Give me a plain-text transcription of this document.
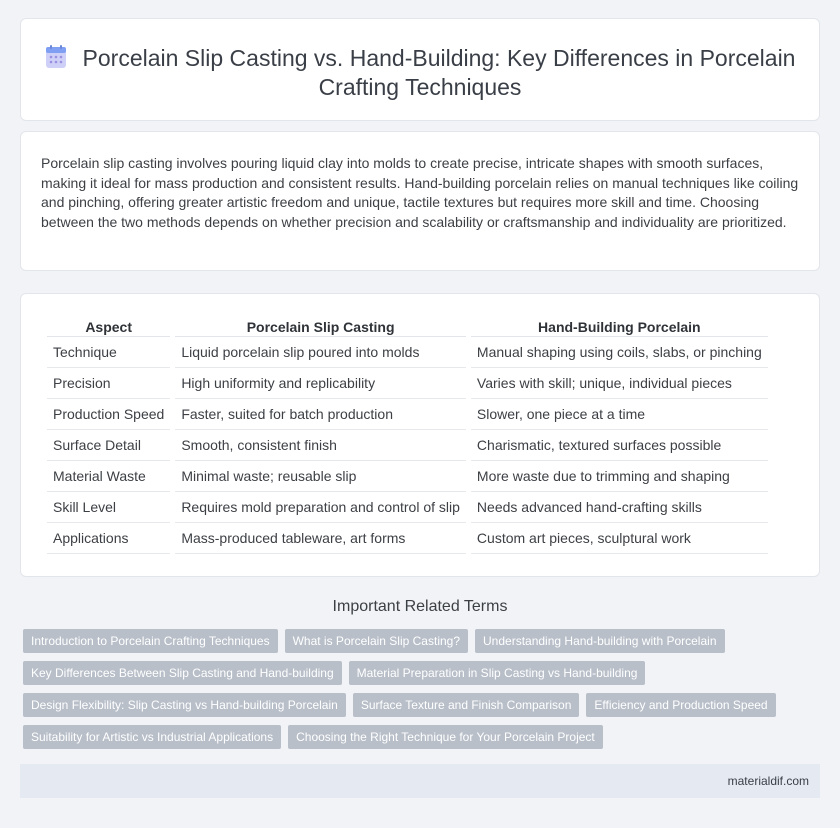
Porcelain Slip Casting vs. Hand-Building: Key Differences in Porcelain Crafting Techniques

Porcelain slip casting involves pouring liquid clay into molds to create precise, intricate shapes with smooth surfaces, making it ideal for mass production and consistent results. Hand-building porcelain relies on manual techniques like coiling and pinching, offering greater artistic freedom and unique, tactile textures but requires more skill and time. Choosing between the two methods depends on whether precision and scalability or craftsmanship and individuality are prioritized.

Aspect	Porcelain Slip Casting	Hand-Building Porcelain
Technique	Liquid porcelain slip poured into molds	Manual shaping using coils, slabs, or pinching
Precision	High uniformity and replicability	Varies with skill; unique, individual pieces
Production Speed	Faster, suited for batch production	Slower, one piece at a time
Surface Detail	Smooth, consistent finish	Charismatic, textured surfaces possible
Material Waste	Minimal waste; reusable slip	More waste due to trimming and shaping
Skill Level	Requires mold preparation and control of slip	Needs advanced hand-crafting skills
Applications	Mass-produced tableware, art forms	Custom art pieces, sculptural work
Important Related Terms
Introduction to Porcelain Crafting Techniques	What is Porcelain Slip Casting?	Understanding Hand-building with Porcelain
Key Differences Between Slip Casting and Hand-building	Material Preparation in Slip Casting vs Hand-building
Design Flexibility: Slip Casting vs Hand-building Porcelain	Surface Texture and Finish Comparison	Efficiency and Production Speed
Suitability for Artistic vs Industrial Applications	Choosing the Right Technique for Your Porcelain Project
materialdif.com
